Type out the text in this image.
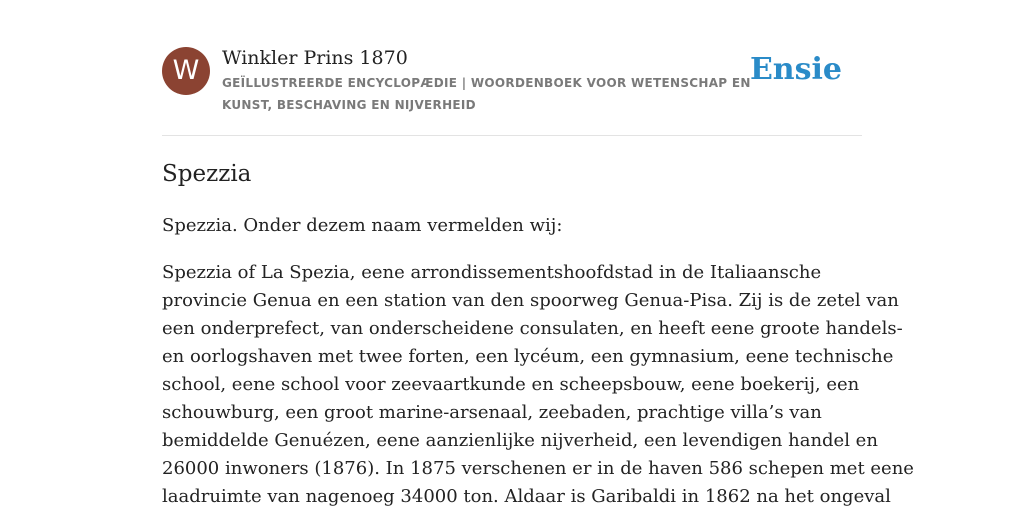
W	Winkler Prins 1870
GEÏLLUSTREERDE ENCYCLOPÆDIE | WOORDENBOEK VOOR WETENSCHAP EN
KUNST, BESCHAVING EN NIJVERHEID
Ensie
Spezzia

Spezzia. Onder dezem naam vermelden wij:

Spezzia of La Spezia, eene arrondissementshoofdstad in de Italiaansche
provincie Genua en een station van den spoorweg Genua-Pisa. Zij is de zetel van
een onderprefect, van onderscheidene consulaten, en heeft eene groote handels-
en oorlogshaven met twee forten, een lycéum, een gymnasium, eene technische
school, eene school voor zeevaartkunde en scheepsbouw, eene boekerij, een
schouwburg, een groot marine-arsenaal, zeebaden, prachtige villa’s van
bemiddelde Genuézen, eene aanzienlijke nijverheid, een levendigen handel en
26000 inwoners (1876). In 1875 verschenen er in de haven 586 schepen met eene
laadruimte van nagenoeg 34000 ton. Aldaar is Garibaldi in 1862 na het ongeval
